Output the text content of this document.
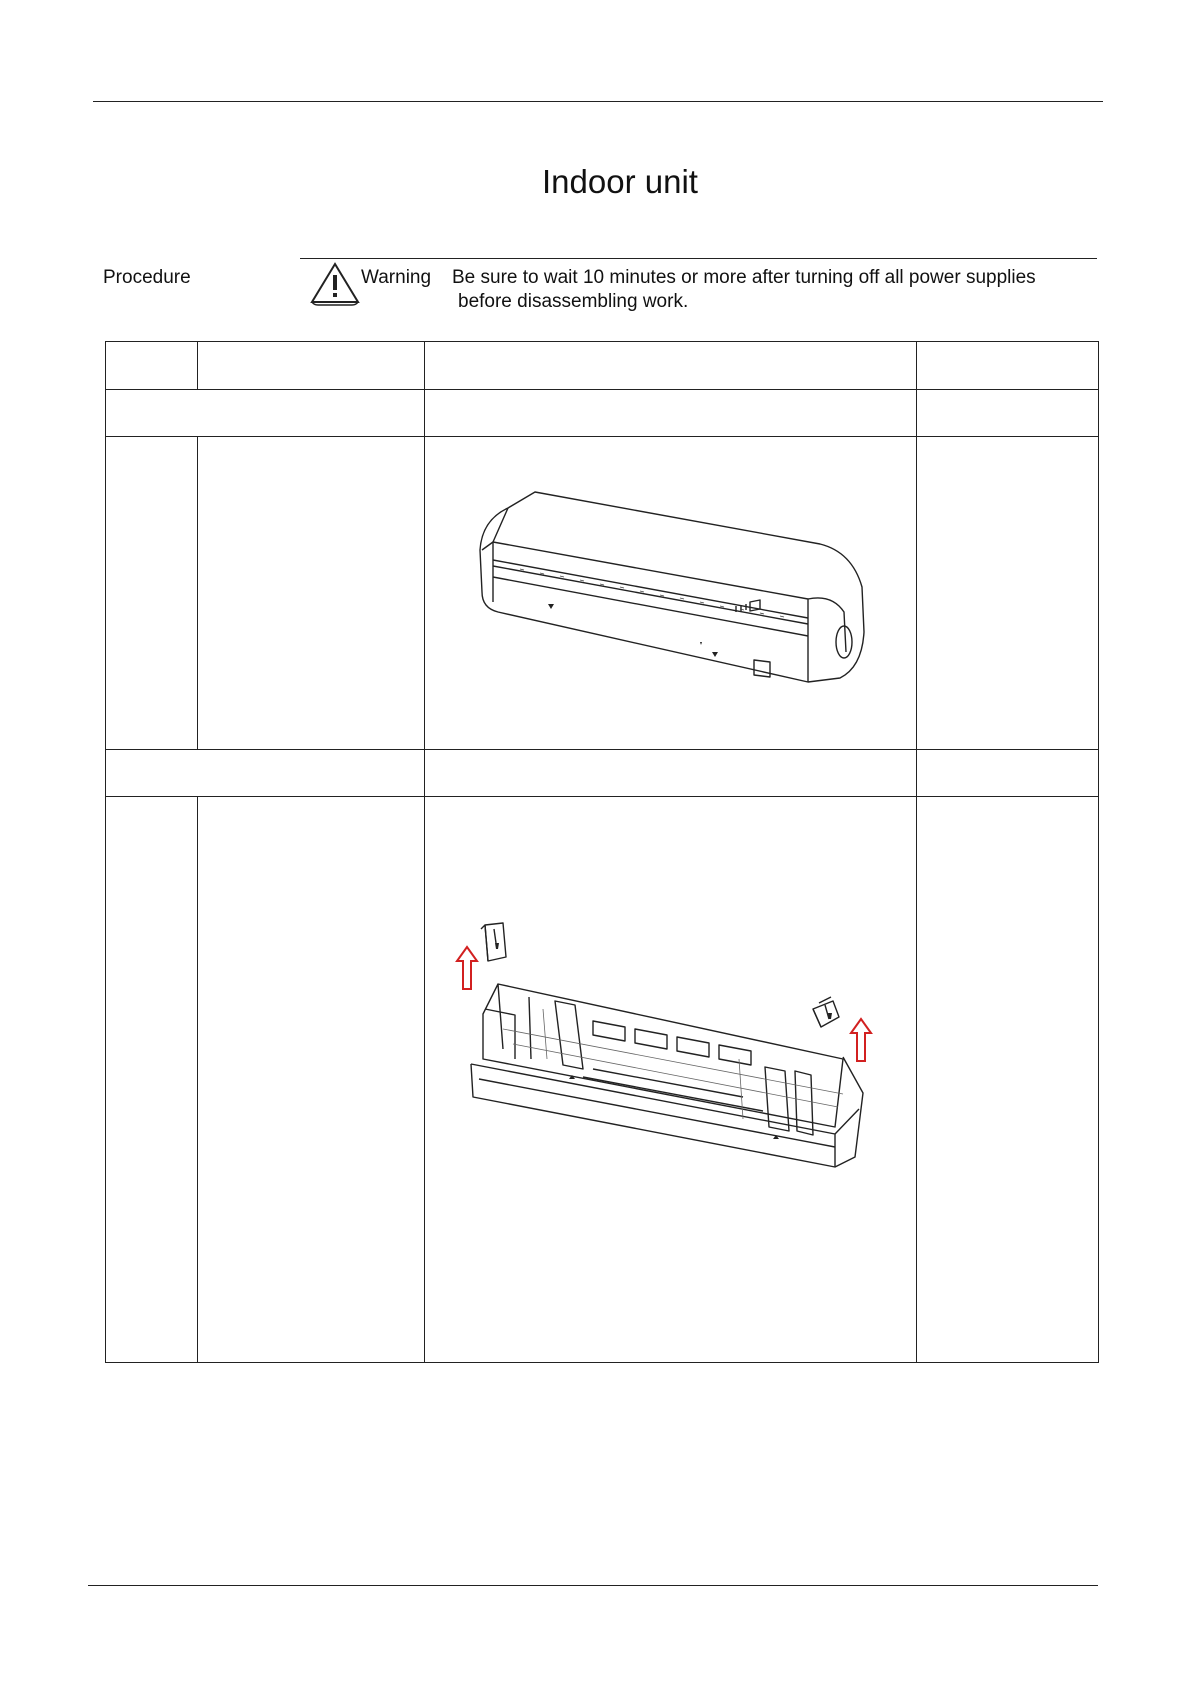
Indoor unit
Procedure	Warning Be sure to wait 10 minutes or more after turning off all power supplies
before disassembling work.
